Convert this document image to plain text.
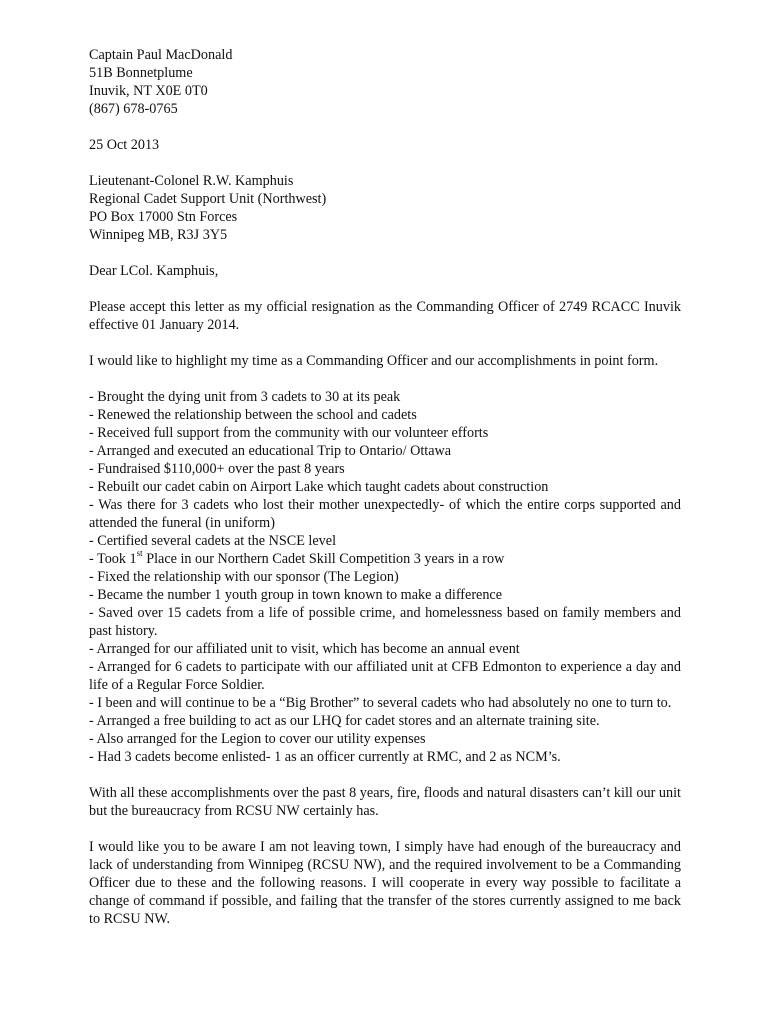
Captain Paul MacDonald

51B Bonnetplume

Inuvik, NT X0E 0T0

(867) 678-0765

25 Oct 2013

Lieutenant-Colonel R.W. Kamphuis

Regional Cadet Support Unit (Northwest)

PO Box 17000 Stn Forces

Winnipeg MB, R3J 3Y5

Dear LCol. Kamphuis,

Please accept this letter as my official resignation as the Commanding Officer of 2749 RCACC Inuvik effective 01 January 2014.

I would like to highlight my time as a Commanding Officer and our accomplishments in point form.

- Brought the dying unit from 3 cadets to 30 at its peak
- Renewed the relationship between the school and cadets
- Received full support from the community with our volunteer efforts
- Arranged and executed an educational Trip to Ontario/ Ottawa
- Fundraised $110,000+ over the past 8 years
- Rebuilt our cadet cabin on Airport Lake which taught cadets about construction
- Was there for 3 cadets who lost their mother unexpectedly- of which the entire corps supported and attended the funeral (in uniform)
- Certified several cadets at the NSCE level
- Took 1st Place in our Northern Cadet Skill Competition 3 years in a row
- Fixed the relationship with our sponsor (The Legion)
- Became the number 1 youth group in town known to make a difference
- Saved over 15 cadets from a life of possible crime, and homelessness based on family members and past history.
- Arranged for our affiliated unit to visit, which has become an annual event
- Arranged for 6 cadets to participate with our affiliated unit at CFB Edmonton to experience a day and life of a Regular Force Soldier.
- I been and will continue to be a “Big Brother” to several cadets who had absolutely no one to turn to.
- Arranged a free building to act as our LHQ for cadet stores and an alternate training site.
- Also arranged for the Legion to cover our utility expenses
- Had 3 cadets become enlisted- 1 as an officer currently at RMC, and 2 as NCM’s.

With all these accomplishments over the past 8 years, fire, floods and natural disasters can’t kill our unit but the bureaucracy from RCSU NW certainly has.

I would like you to be aware I am not leaving town, I simply have had enough of the bureaucracy and lack of understanding from Winnipeg (RCSU NW), and the required involvement to be a Commanding Officer due to these and the following reasons. I will cooperate in every way possible to facilitate a change of command if possible, and failing that the transfer of the stores currently assigned to me back to RCSU NW.
